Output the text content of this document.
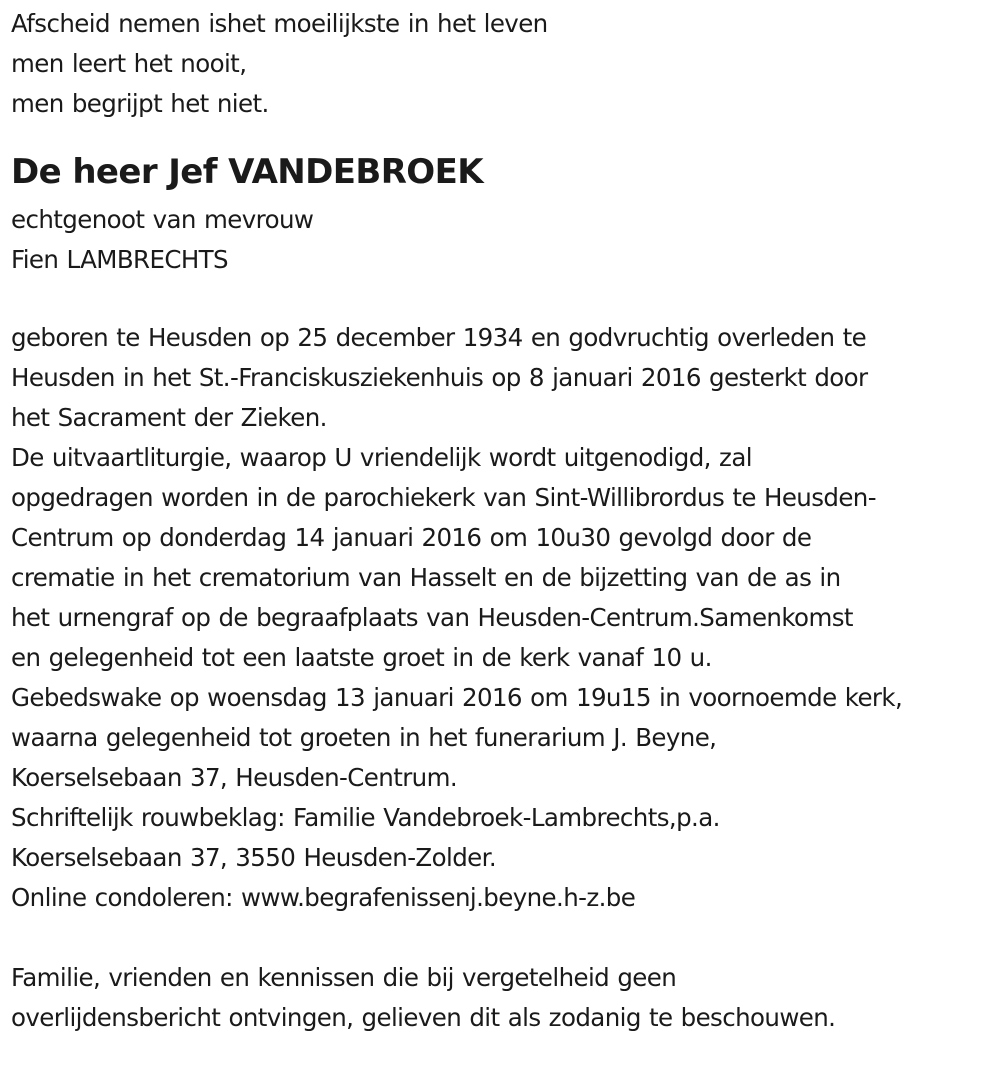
Afscheid nemen ishet moeilijkste in het leven
men leert het nooit,
men begrijpt het niet.
De heer Jef VANDEBROEK
echtgenoot van mevrouw
Fien LAMBRECHTS
geboren te Heusden op 25 december 1934 en godvruchtig overleden te
Heusden in het St.-Franciskusziekenhuis op 8 januari 2016 gesterkt door
het Sacrament der Zieken.
De uitvaartliturgie, waarop U vriendelijk wordt uitgenodigd, zal
opgedragen worden in de parochiekerk van Sint-Willibrordus te Heusden-
Centrum op donderdag 14 januari 2016 om 10u30 gevolgd door de
crematie in het crematorium van Hasselt en de bijzetting van de as in
het urnengraf op de begraafplaats van Heusden-Centrum.Samenkomst
en gelegenheid tot een laatste groet in de kerk vanaf 10 u.
Gebedswake op woensdag 13 januari 2016 om 19u15 in voornoemde kerk,
waarna gelegenheid tot groeten in het funerarium J. Beyne,
Koerselsebaan 37, Heusden-Centrum.
Schriftelijk rouwbeklag: Familie Vandebroek-Lambrechts,p.a.
Koerselsebaan 37, 3550 Heusden-Zolder.
Online condoleren: www.begrafenissenj.beyne.h-z.be
Familie, vrienden en kennissen die bij vergetelheid geen
overlijdensbericht ontvingen, gelieven dit als zodanig te beschouwen.
